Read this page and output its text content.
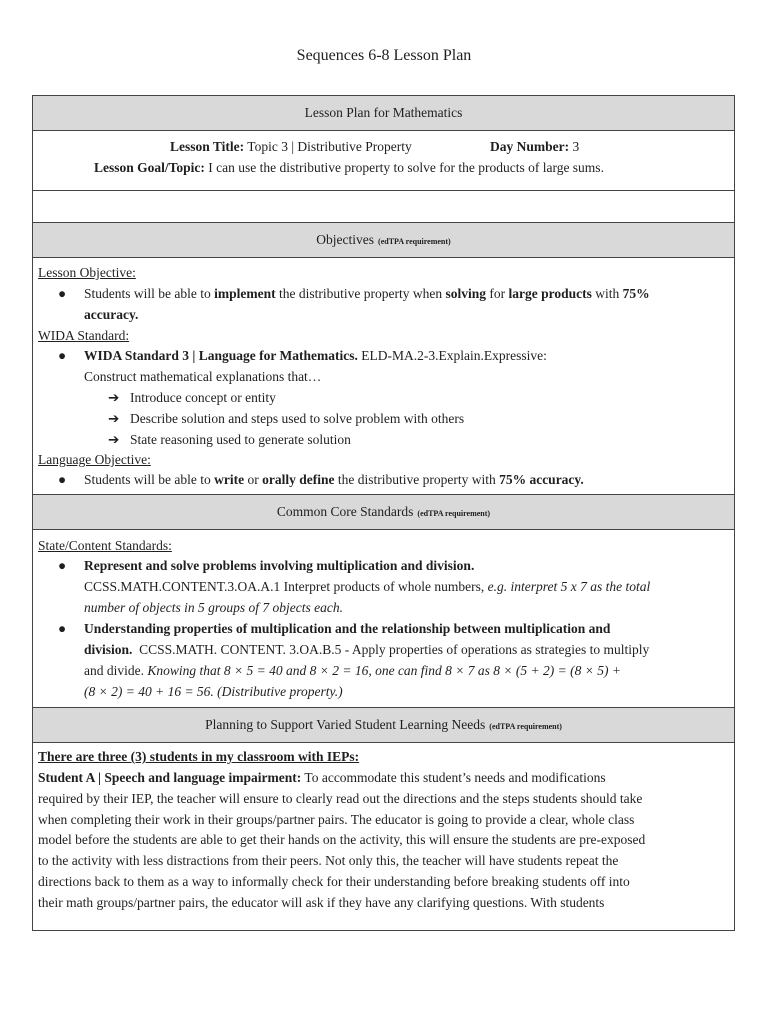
Sequences 6-8 Lesson Plan
Lesson Plan for Mathematics
Lesson Title: Topic 3 | Distributive Property	Day Number: 3
Lesson Goal/Topic: I can use the distributive property to solve for the products of large sums.
Objectives (edTPA requirement)
Lesson Objective:
● Students will be able to implement the distributive property when solving for large products with 75%
accuracy.
WIDA Standard:
● WIDA Standard 3 | Language for Mathematics. ELD-MA.2-3.Explain.Expressive:
Construct mathematical explanations that…
➔ Introduce concept or entity
➔ Describe solution and steps used to solve problem with others
➔ State reasoning used to generate solution
Language Objective:
● Students will be able to write or orally define the distributive property with 75% accuracy.
Common Core Standards (edTPA requirement)
State/Content Standards:
● Represent and solve problems involving multiplication and division.
CCSS.MATH.CONTENT.3.OA.A.1 Interpret products of whole numbers, e.g. interpret 5 x 7 as the total
number of objects in 5 groups of 7 objects each.
● Understanding properties of multiplication and the relationship between multiplication and
division. CCSS.MATH. CONTENT. 3.OA.B.5 - Apply properties of operations as strategies to multiply
and divide. Knowing that 8 × 5 = 40 and 8 × 2 = 16, one can find 8 × 7 as 8 × (5 + 2) = (8 × 5) +
(8 × 2) = 40 + 16 = 56. (Distributive property.)
Planning to Support Varied Student Learning Needs (edTPA requirement)
There are three (3) students in my classroom with IEPs:
Student A | Speech and language impairment: To accommodate this student’s needs and modifications
required by their IEP, the teacher will ensure to clearly read out the directions and the steps students should take
when completing their work in their groups/partner pairs. The educator is going to provide a clear, whole class
model before the students are able to get their hands on the activity, this will ensure the students are pre-exposed
to the activity with less distractions from their peers. Not only this, the teacher will have students repeat the
directions back to them as a way to informally check for their understanding before breaking students off into
their math groups/partner pairs, the educator will ask if they have any clarifying questions. With students
